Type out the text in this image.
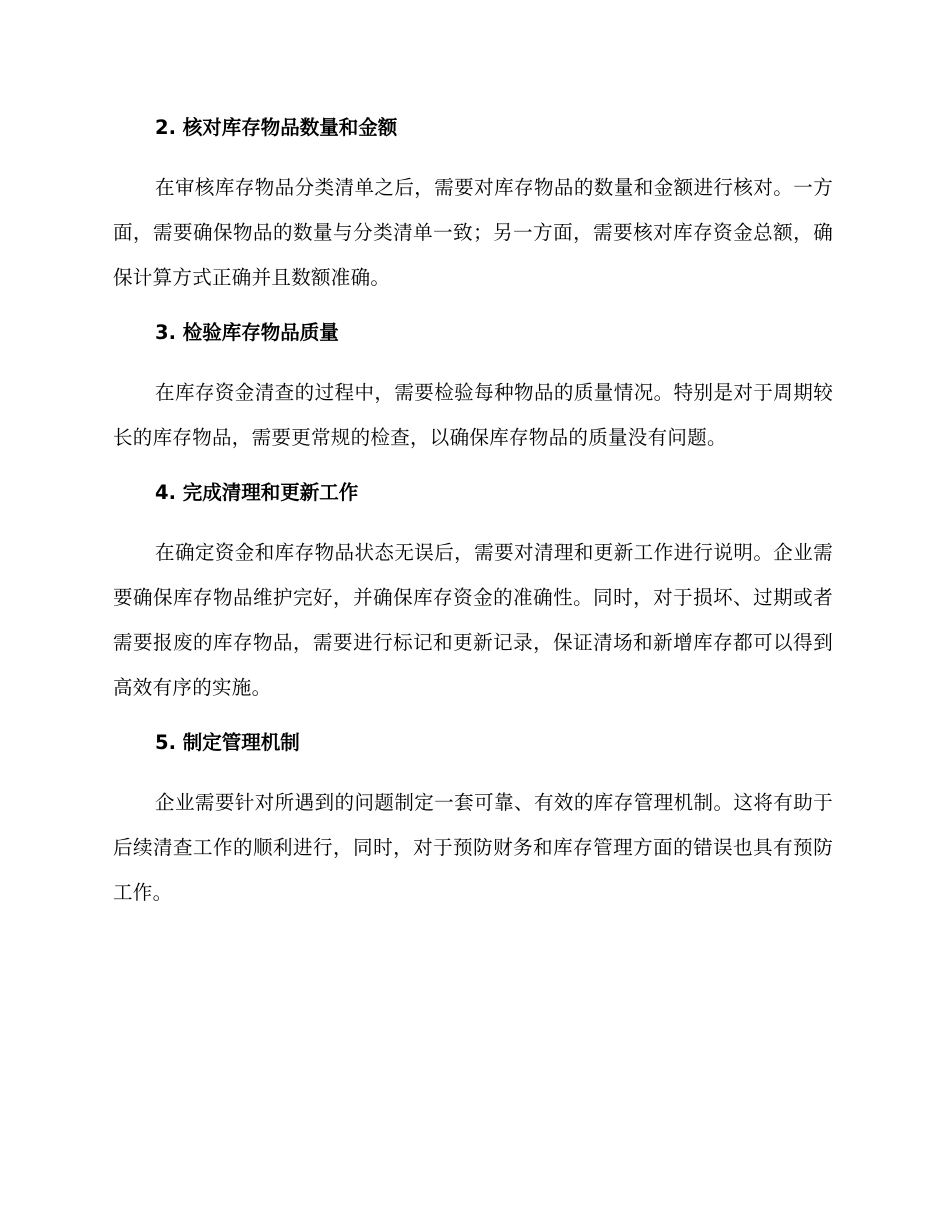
2. 核对库存物品数量和金额

在审核库存物品分类清单之后，需要对库存物品的数量和金额进行核对。一方面，需要确保物品的数量与分类清单一致；另一方面，需要核对库存资金总额，确保计算方式正确并且数额准确。

3. 检验库存物品质量

在库存资金清查的过程中，需要检验每种物品的质量情况。特别是对于周期较长的库存物品，需要更常规的检查，以确保库存物品的质量没有问题。

4. 完成清理和更新工作

在确定资金和库存物品状态无误后，需要对清理和更新工作进行说明。企业需要确保库存物品维护完好，并确保库存资金的准确性。同时，对于损坏、过期或者需要报废的库存物品，需要进行标记和更新记录，保证清场和新增库存都可以得到高效有序的实施。

5. 制定管理机制

企业需要针对所遇到的问题制定一套可靠、有效的库存管理机制。这将有助于后续清查工作的顺利进行，同时，对于预防财务和库存管理方面的错误也具有预防工作。
